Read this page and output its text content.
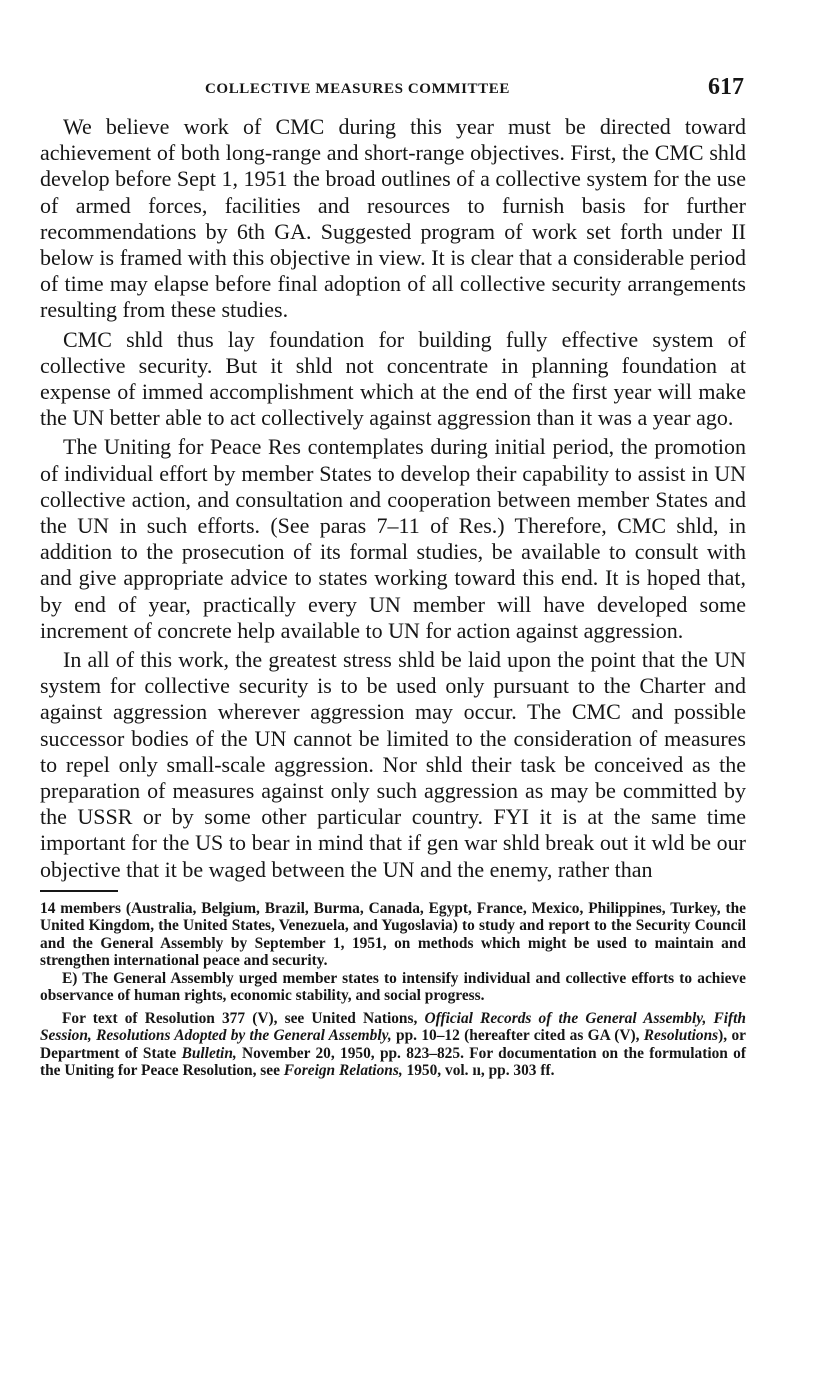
COLLECTIVE MEASURES COMMITTEE	617

We believe work of CMC during this year must be directed toward achievement of both long-range and short-range objectives. First, the CMC shld develop before Sept 1, 1951 the broad outlines of a collective system for the use of armed forces, facilities and resources to furnish basis for further recommendations by 6th GA. Suggested program of work set forth under II below is framed with this objective in view. It is clear that a considerable period of time may elapse before final adoption of all collective security arrangements resulting from these studies.

CMC shld thus lay foundation for building fully effective system of collective security. But it shld not concentrate in planning foundation at expense of immed accomplishment which at the end of the first year will make the UN better able to act collectively against aggression than it was a year ago.

The Uniting for Peace Res contemplates during initial period, the promotion of individual effort by member States to develop their capability to assist in UN collective action, and consultation and cooperation between member States and the UN in such efforts. (See paras 7–11 of Res.) Therefore, CMC shld, in addition to the prosecution of its formal studies, be available to consult with and give appropriate advice to states working toward this end. It is hoped that, by end of year, practically every UN member will have developed some increment of concrete help available to UN for action against aggression.

In all of this work, the greatest stress shld be laid upon the point that the UN system for collective security is to be used only pursuant to the Charter and against aggression wherever aggression may occur. The CMC and possible successor bodies of the UN cannot be limited to the consideration of measures to repel only small-scale aggression. Nor shld their task be conceived as the preparation of measures against only such aggression as may be committed by the USSR or by some other particular country. FYI it is at the same time important for the US to bear in mind that if gen war shld break out it wld be our objective that it be waged between the UN and the enemy, rather than

14 members (Australia, Belgium, Brazil, Burma, Canada, Egypt, France, Mexico, Philippines, Turkey, the United Kingdom, the United States, Venezuela, and Yugoslavia) to study and report to the Security Council and the General Assembly by September 1, 1951, on methods which might be used to maintain and strengthen international peace and security.

E) The General Assembly urged member states to intensify individual and collective efforts to achieve observance of human rights, economic stability, and social progress.

For text of Resolution 377 (V), see United Nations, Official Records of the General Assembly, Fifth Session, Resolutions Adopted by the General Assembly, pp. 10–12 (hereafter cited as GA (V), Resolutions), or Department of State Bulletin, November 20, 1950, pp. 823–825. For documentation on the formulation of the Uniting for Peace Resolution, see Foreign Relations, 1950, vol. ıı, pp. 303 ff.
